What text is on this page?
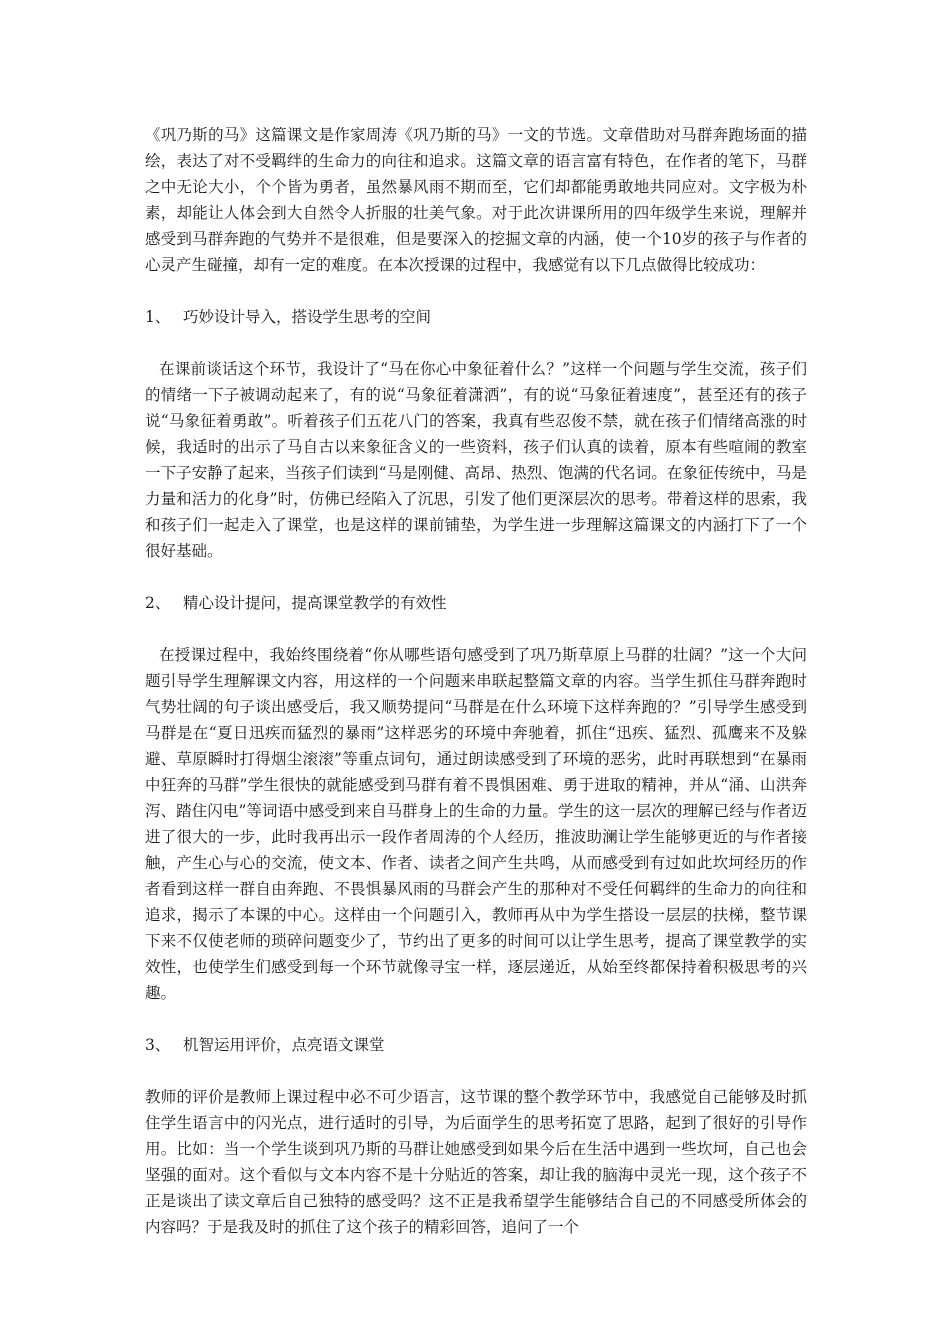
《巩乃斯的马》这篇课文是作家周涛《巩乃斯的马》一文的节选。文章借助对马群奔跑场面的描绘，表达了对不受羁绊的生命力的向往和追求。这篇文章的语言富有特色，在作者的笔下，马群之中无论大小，个个皆为勇者，虽然暴风雨不期而至，它们却都能勇敢地共同应对。文字极为朴素，却能让人体会到大自然令人折服的壮美气象。对于此次讲课所用的四年级学生来说，理解并感受到马群奔跑的气势并不是很难，但是要深入的挖掘文章的内涵，使一个10岁的孩子与作者的心灵产生碰撞，却有一定的难度。在本次授课的过程中，我感觉有以下几点做得比较成功：

1、 巧妙设计导入，搭设学生思考的空间

在课前谈话这个环节，我设计了“马在你心中象征着什么？”这样一个问题与学生交流，孩子们的情绪一下子被调动起来了，有的说“马象征着潇洒”，有的说“马象征着速度”，甚至还有的孩子说“马象征着勇敢”。听着孩子们五花八门的答案，我真有些忍俊不禁，就在孩子们情绪高涨的时候，我适时的出示了马自古以来象征含义的一些资料，孩子们认真的读着，原本有些喧闹的教室一下子安静了起来，当孩子们读到“马是刚健、高昂、热烈、饱满的代名词。在象征传统中，马是力量和活力的化身”时，仿佛已经陷入了沉思，引发了他们更深层次的思考。带着这样的思索，我和孩子们一起走入了课堂，也是这样的课前铺垫，为学生进一步理解这篇课文的内涵打下了一个很好基础。

2、 精心设计提问，提高课堂教学的有效性

在授课过程中，我始终围绕着“你从哪些语句感受到了巩乃斯草原上马群的壮阔？”这一个大问题引导学生理解课文内容，用这样的一个问题来串联起整篇文章的内容。当学生抓住马群奔跑时气势壮阔的句子谈出感受后，我又顺势提问“马群是在什么环境下这样奔跑的？”引导学生感受到马群是在“夏日迅疾而猛烈的暴雨”这样恶劣的环境中奔驰着，抓住“迅疾、猛烈、孤鹰来不及躲避、草原瞬时打得烟尘滚滚”等重点词句，通过朗读感受到了环境的恶劣，此时再联想到“在暴雨中狂奔的马群”学生很快的就能感受到马群有着不畏惧困难、勇于进取的精神，并从“涌、山洪奔泻、踏住闪电”等词语中感受到来自马群身上的生命的力量。学生的这一层次的理解已经与作者迈进了很大的一步，此时我再出示一段作者周涛的个人经历，推波助澜让学生能够更近的与作者接触，产生心与心的交流，使文本、作者、读者之间产生共鸣，从而感受到有过如此坎坷经历的作者看到这样一群自由奔跑、不畏惧暴风雨的马群会产生的那种对不受任何羁绊的生命力的向往和追求，揭示了本课的中心。这样由一个问题引入，教师再从中为学生搭设一层层的扶梯，整节课下来不仅使老师的琐碎问题变少了，节约出了更多的时间可以让学生思考，提高了课堂教学的实效性，也使学生们感受到每一个环节就像寻宝一样，逐层递近，从始至终都保持着积极思考的兴趣。

3、 机智运用评价，点亮语文课堂

教师的评价是教师上课过程中必不可少语言，这节课的整个教学环节中，我感觉自己能够及时抓住学生语言中的闪光点，进行适时的引导，为后面学生的思考拓宽了思路，起到了很好的引导作用。比如：当一个学生谈到巩乃斯的马群让她感受到如果今后在生活中遇到一些坎坷，自己也会坚强的面对。这个看似与文本内容不是十分贴近的答案，却让我的脑海中灵光一现，这个孩子不正是谈出了读文章后自己独特的感受吗？这不正是我希望学生能够结合自己的不同感受所体会的内容吗？于是我及时的抓住了这个孩子的精彩回答，追问了一个
